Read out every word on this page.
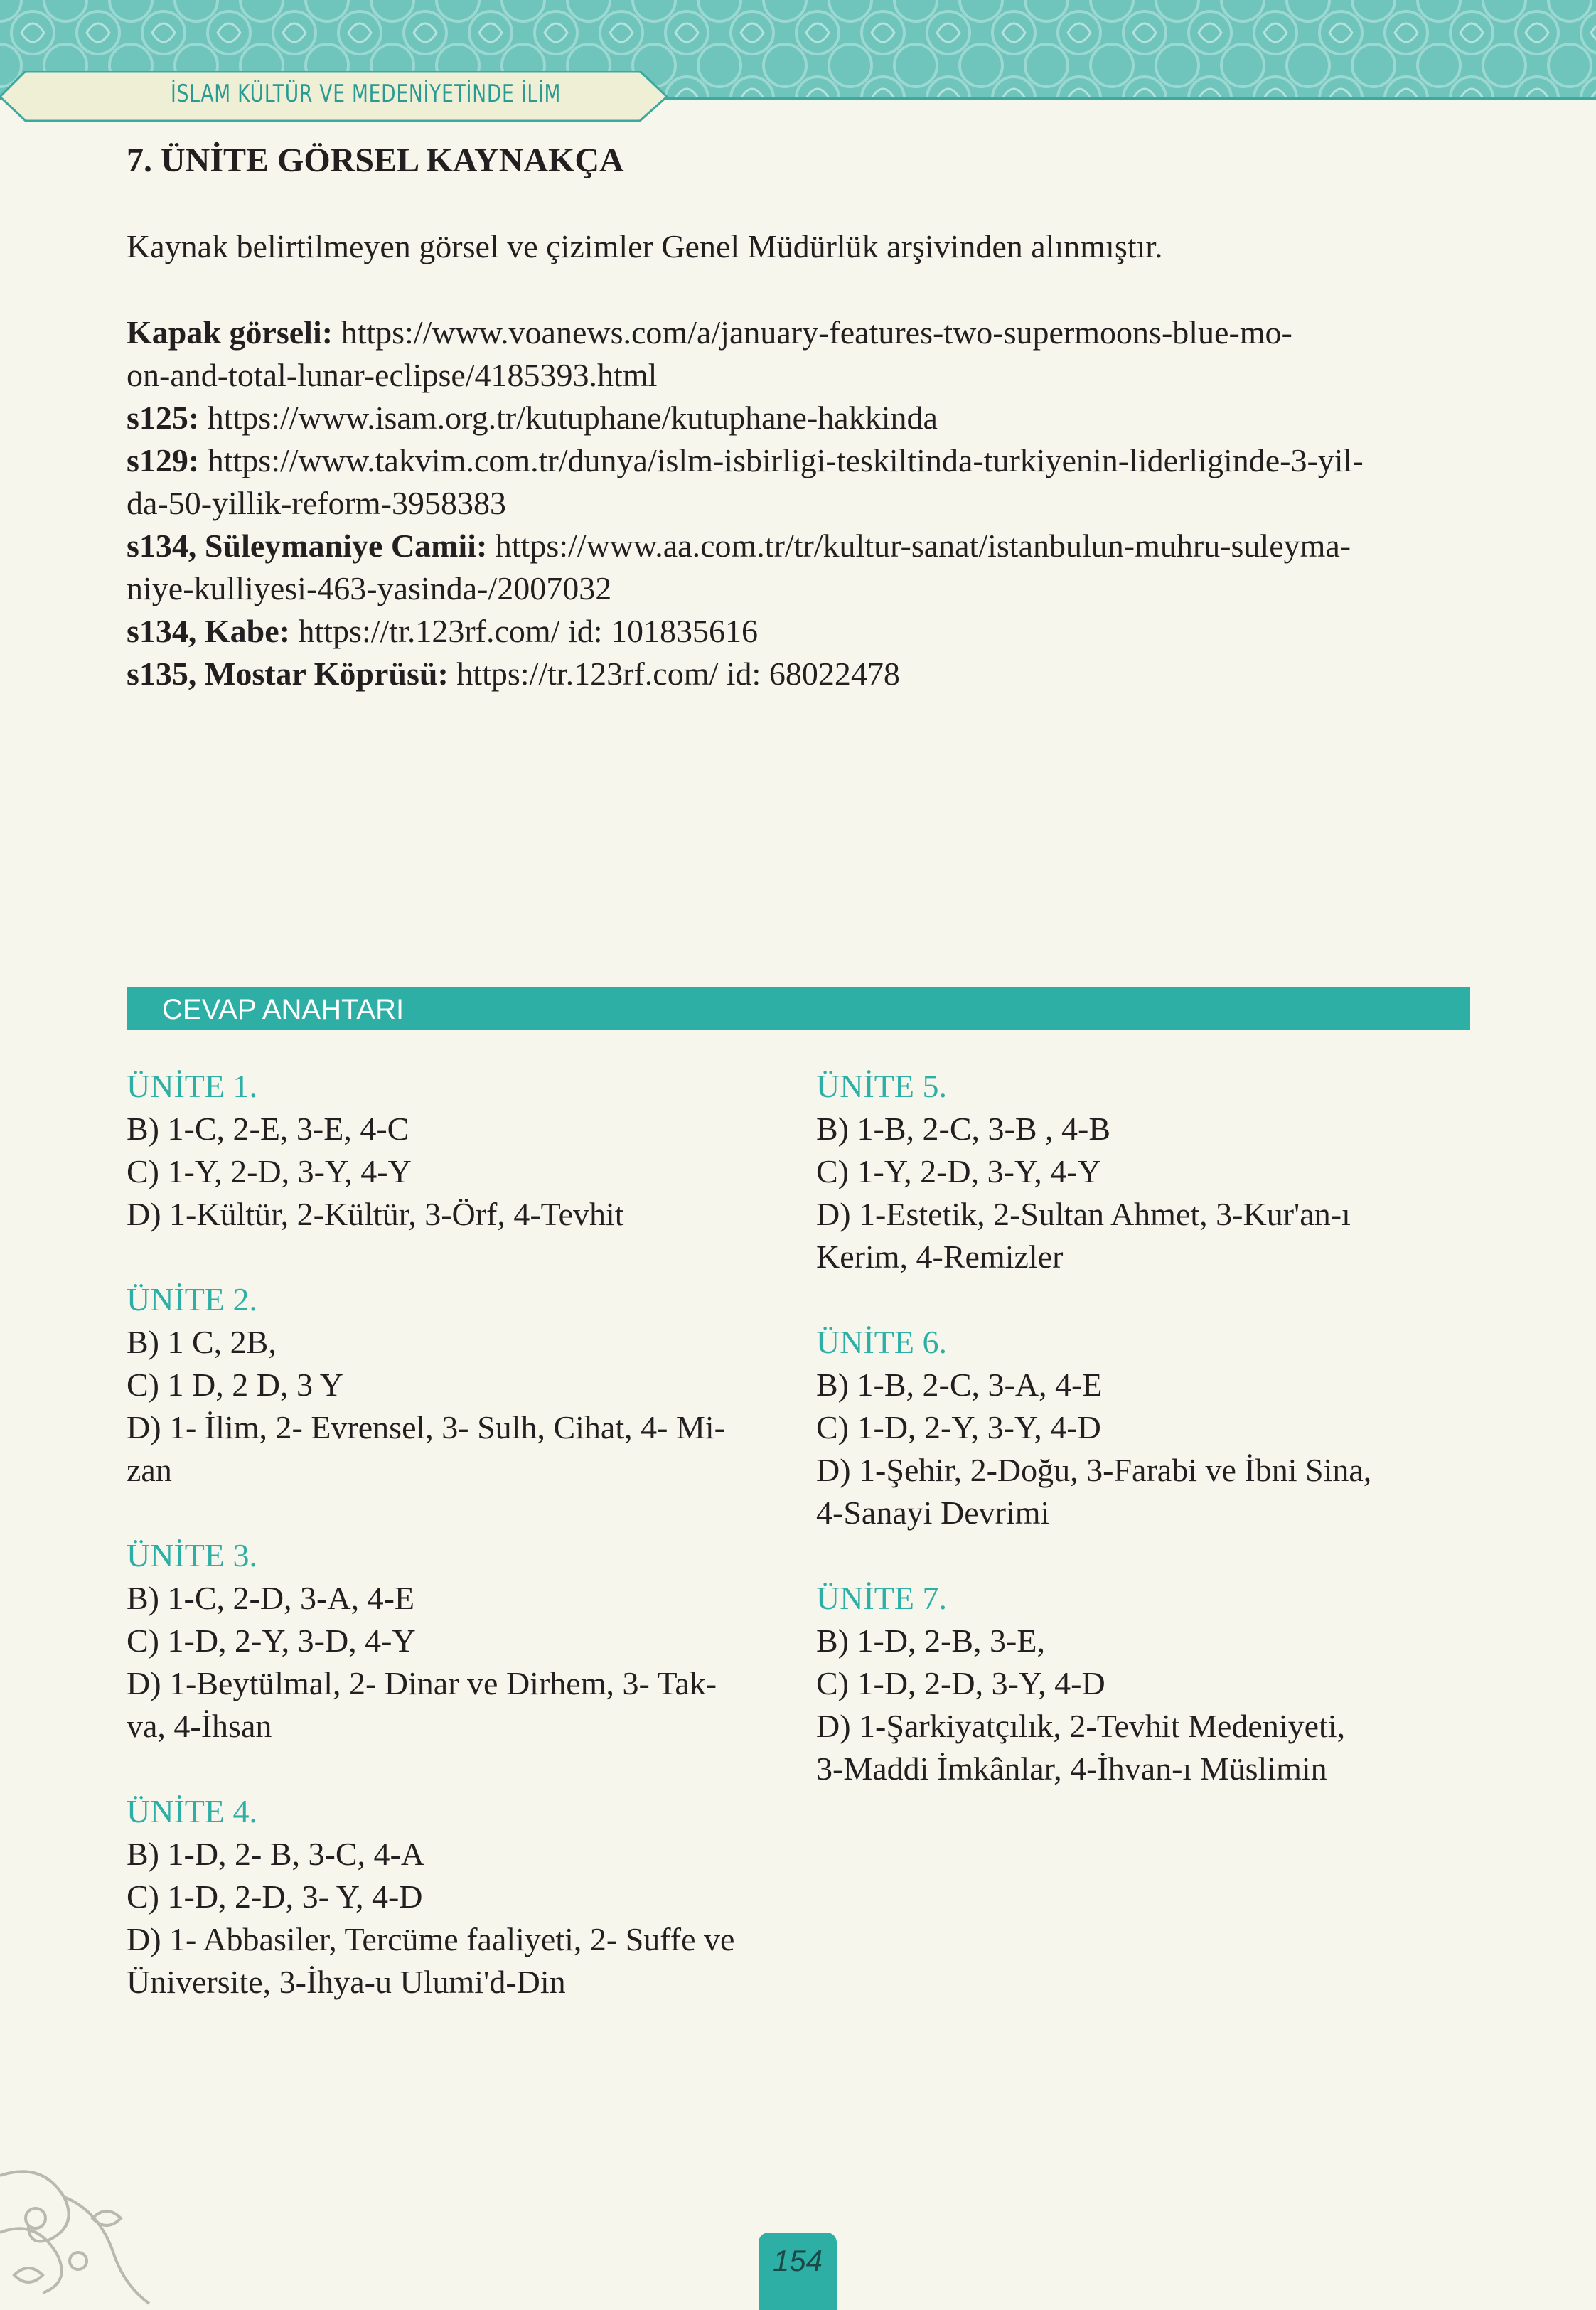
İSLAM KÜLTÜR VE MEDENİYETİNDE İLİM
7. ÜNİTE GÖRSEL KAYNAKÇA
Kaynak belirtilmeyen görsel ve çizimler Genel Müdürlük arşivinden alınmıştır.
Kapak görseli: https://www.voanews.com/a/january-features-two-supermoons-blue-mo-
on-and-total-lunar-eclipse/4185393.html
s125: https://www.isam.org.tr/kutuphane/kutuphane-hakkinda
s129: https://www.takvim.com.tr/dunya/islm-isbirligi-teskiltinda-turkiyenin-liderliginde-3-yil-
da-50-yillik-reform-3958383
s134, Süleymaniye Camii: https://www.aa.com.tr/tr/kultur-sanat/istanbulun-muhru-suleyma-
niye-kulliyesi-463-yasinda-/2007032
s134, Kabe: https://tr.123rf.com/ id: 101835616
s135, Mostar Köprüsü: https://tr.123rf.com/ id: 68022478
CEVAP ANAHTARI
ÜNİTE 1.
B) 1-C, 2-E, 3-E, 4-C
C) 1-Y, 2-D, 3-Y, 4-Y
D) 1-Kültür, 2-Kültür, 3-Örf, 4-Tevhit
ÜNİTE 2.
B) 1 C, 2B,
C) 1 D, 2 D, 3 Y
D) 1- İlim, 2- Evrensel, 3- Sulh, Cihat, 4- Mi-
zan
ÜNİTE 3.
B) 1-C, 2-D, 3-A, 4-E
C) 1-D, 2-Y, 3-D, 4-Y
D) 1-Beytülmal, 2- Dinar ve Dirhem, 3- Tak-
va, 4-İhsan
ÜNİTE 4.
B) 1-D, 2- B, 3-C, 4-A
C) 1-D, 2-D, 3- Y, 4-D
D) 1- Abbasiler, Tercüme faaliyeti, 2- Suffe ve
Üniversite, 3-İhya-u Ulumi'd-Din
ÜNİTE 5.
B) 1-B, 2-C, 3-B , 4-B
C) 1-Y, 2-D, 3-Y, 4-Y
D) 1-Estetik, 2-Sultan Ahmet, 3-Kur'an-ı
Kerim, 4-Remizler
ÜNİTE 6.
B) 1-B, 2-C, 3-A, 4-E
C) 1-D, 2-Y, 3-Y, 4-D
D) 1-Şehir, 2-Doğu, 3-Farabi ve İbni Sina,
4-Sanayi Devrimi
ÜNİTE 7.
B) 1-D, 2-B, 3-E,
C) 1-D, 2-D, 3-Y, 4-D
D) 1-Şarkiyatçılık, 2-Tevhit Medeniyeti,
3-Maddi İmkânlar, 4-İhvan-ı Müslimin
154
